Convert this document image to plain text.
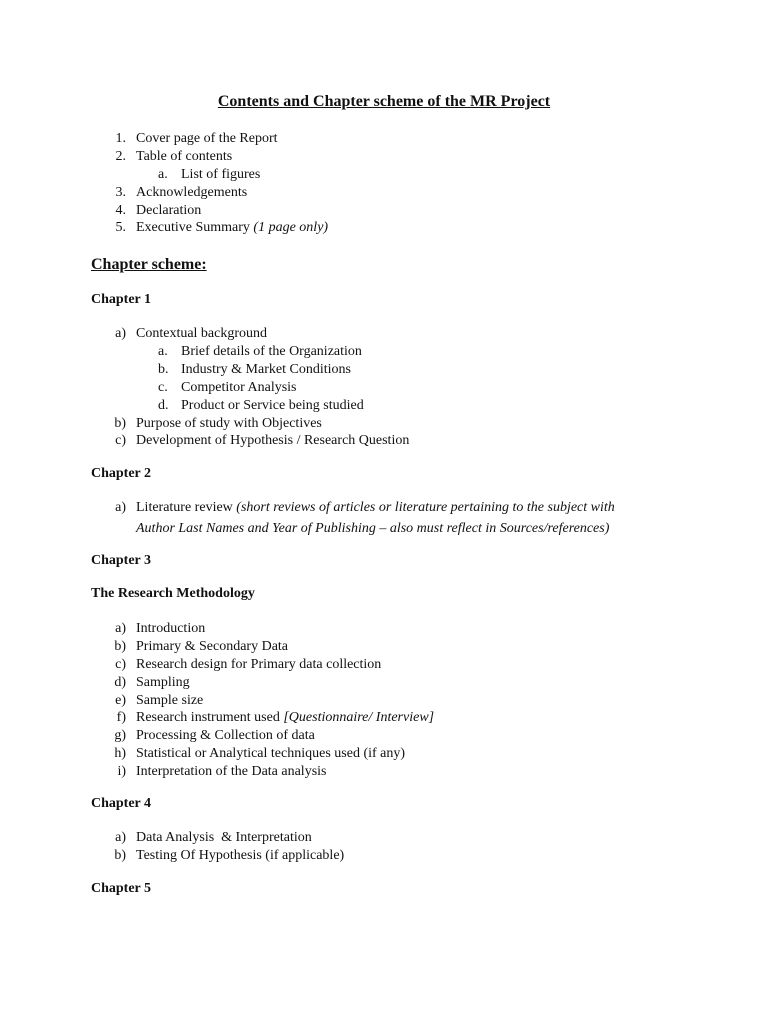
Contents and Chapter scheme of the MR Project
1. Cover page of the Report
2. Table of contents
a. List of figures
3. Acknowledgements
4. Declaration
5. Executive Summary (1 page only)
Chapter scheme:
Chapter 1
a) Contextual background
a. Brief details of the Organization
b. Industry & Market Conditions
c. Competitor Analysis
d. Product or Service being studied
b) Purpose of study with Objectives
c) Development of Hypothesis / Research Question
Chapter 2
a) Literature review (short reviews of articles or literature pertaining to the subject with
Author Last Names and Year of Publishing – also must reflect in Sources/references)
Chapter 3
The Research Methodology
a) Introduction
b) Primary & Secondary Data
c) Research design for Primary data collection
d) Sampling
e) Sample size
f) Research instrument used [Questionnaire/ Interview]
g) Processing & Collection of data
h) Statistical or Analytical techniques used (if any)
i) Interpretation of the Data analysis
Chapter 4
a) Data Analysis  & Interpretation
b) Testing Of Hypothesis (if applicable)
Chapter 5
